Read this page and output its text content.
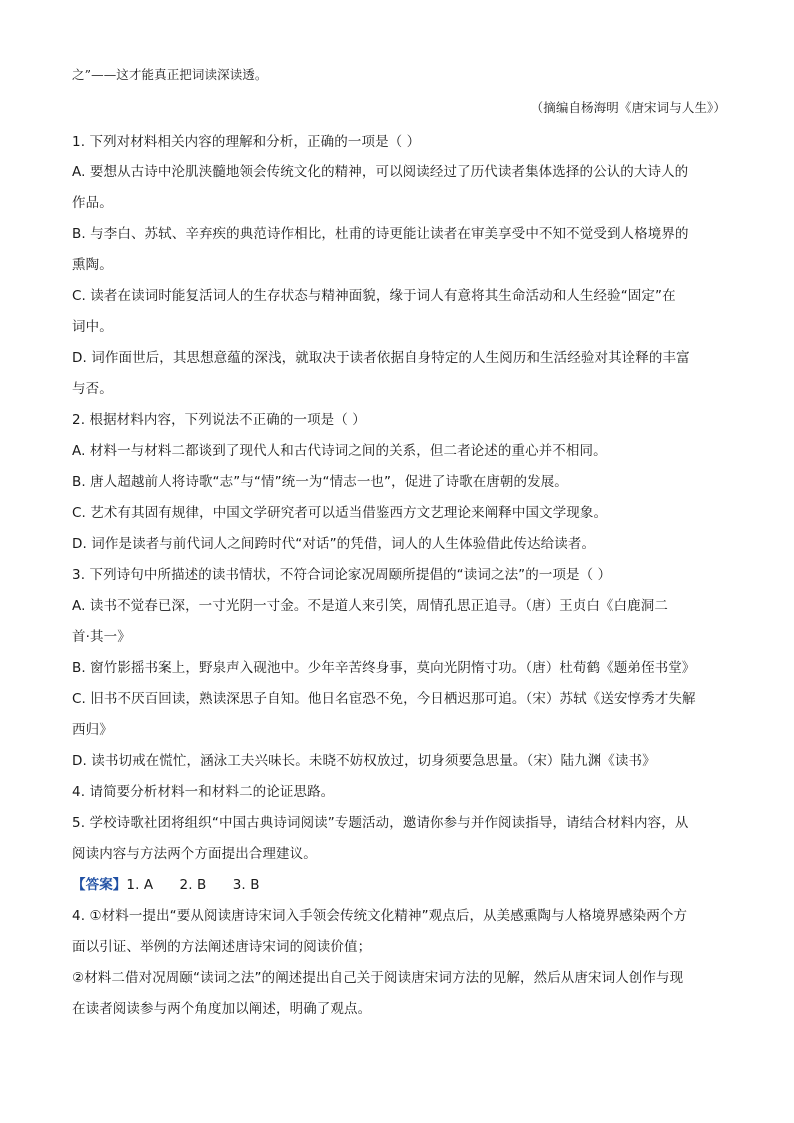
之”——这才能真正把词读深读透。
（摘编自杨海明《唐宋词与人生》）
1. 下列对材料相关内容的理解和分析，正确的一项是（ ）
A. 要想从古诗中沦肌浃髓地领会传统文化的精神，可以阅读经过了历代读者集体选择的公认的大诗人的
作品。
B. 与李白、苏轼、辛弃疾的典范诗作相比，杜甫的诗更能让读者在审美享受中不知不觉受到人格境界的
熏陶。
C. 读者在读词时能复活词人的生存状态与精神面貌，缘于词人有意将其生命活动和人生经验“固定”在
词中。
D. 词作面世后，其思想意蕴的深浅，就取决于读者依据自身特定的人生阅历和生活经验对其诠释的丰富
与否。
2. 根据材料内容，下列说法不正确的一项是（ ）
A. 材料一与材料二都谈到了现代人和古代诗词之间的关系，但二者论述的重心并不相同。
B. 唐人超越前人将诗歌“志”与“情”统一为“情志一也”，促进了诗歌在唐朝的发展。
C. 艺术有其固有规律，中国文学研究者可以适当借鉴西方文艺理论来阐释中国文学现象。
D. 词作是读者与前代词人之间跨时代“对话”的凭借，词人的人生体验借此传达给读者。
3. 下列诗句中所描述的读书情状，不符合词论家况周颐所提倡的“读词之法”的一项是（ ）
A. 读书不觉春已深，一寸光阴一寸金。不是道人来引笑，周情孔思正追寻。（唐）王贞白《白鹿洞二
首·其一》
B. 窗竹影摇书案上，野泉声入砚池中。少年辛苦终身事，莫向光阴惰寸功。（唐）杜荀鹤《题弟侄书堂》
C. 旧书不厌百回读，熟读深思子自知。他日名宦恐不免，今日栖迟那可追。（宋）苏轼《送安惇秀才失解
西归》
D. 读书切戒在慌忙，涵泳工夫兴味长。未晓不妨权放过，切身须要急思量。（宋）陆九渊《读书》
4. 请简要分析材料一和材料二的论证思路。
5. 学校诗歌社团将组织“中国古典诗词阅读”专题活动，邀请你参与并作阅读指导，请结合材料内容，从
阅读内容与方法两个方面提出合理建议。
【答案】1. A      2. B      3. B
4. ①材料一提出“要从阅读唐诗宋词入手领会传统文化精神”观点后，从美感熏陶与人格境界感染两个方
面以引证、举例的方法阐述唐诗宋词的阅读价值；
②材料二借对况周颐“读词之法”的阐述提出自己关于阅读唐宋词方法的见解，然后从唐宋词人创作与现
在读者阅读参与两个角度加以阐述，明确了观点。
